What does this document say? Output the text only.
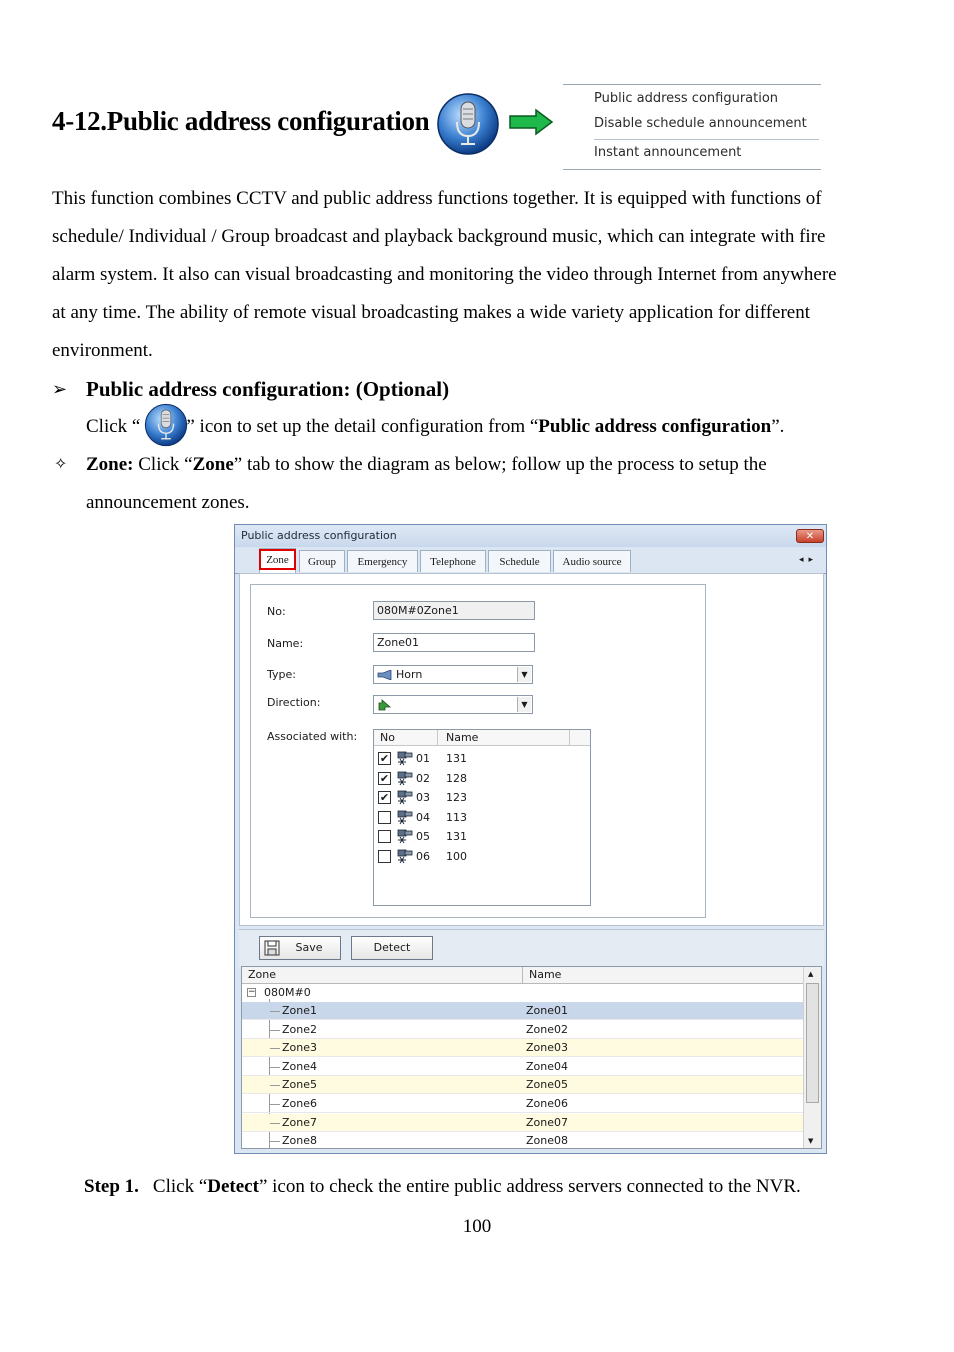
4-12.Public address configuration
Public address configuration
Disable schedule announcement
Instant announcement
This function combines CCTV and public address functions together. It is equipped with functions of
schedule/ Individual / Group broadcast and playback background music, which can integrate with fire
alarm system. It also can visual broadcasting and monitoring the video through Internet from anywhere
at any time. The ability of remote visual broadcasting makes a wide variety application for different
environment.
➢ Public address configuration: (Optional)
Click “ ” icon to set up the detail configuration from “Public address configuration”.
✧ Zone: Click “Zone” tab to show the diagram as below; follow up the process to setup the
announcement zones.
Public address configuration	✕
Zone	Group	Emergency	Telephone	Schedule	Audio source	◂▸
No:	080M#0Zone1
Name:	Zone01
Type:	Horn	▼
Direction:	▼
Associated with: No	Name
✔ 01 131
✔ 02 128
✔ 03 123
04 113
05 131
06 100
Save	Detect
Zone	Name
− 080M#0
Zone1	Zone01
Zone2	Zone02
Zone3	Zone03
Zone4	Zone04
Zone5	Zone05
Zone6	Zone06
Zone7	Zone07
Zone8	Zone08
▲
▼
Step 1. Click “Detect” icon to check the entire public address servers connected to the NVR.
100
